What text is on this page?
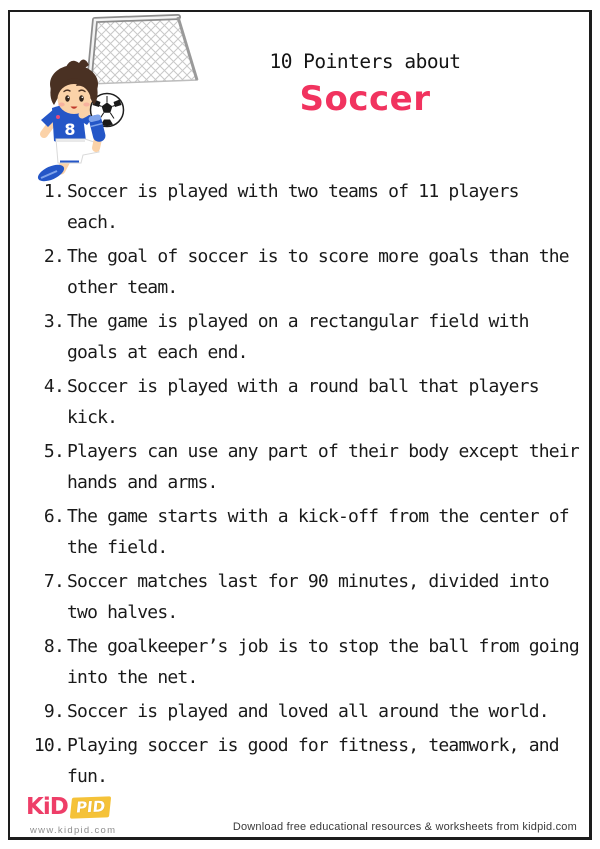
8
10 Pointers about
Soccer
1. Soccer is played with two teams of 11 players
each.
2. The goal of soccer is to score more goals than the
other team.
3. The game is played on a rectangular field with
goals at each end.
4. Soccer is played with a round ball that players
kick.
5. Players can use any part of their body except their
hands and arms.
6. The game starts with a kick-off from the center of
the field.
7. Soccer matches last for 90 minutes, divided into
two halves.
8. The goalkeeper’s job is to stop the ball from going
into the net.
9. Soccer is played and loved all around the world.
10. Playing soccer is good for fitness, teamwork, and
fun.
KiD PID
www.kidpid.com	Download free educational resources & worksheets from kidpid.com
